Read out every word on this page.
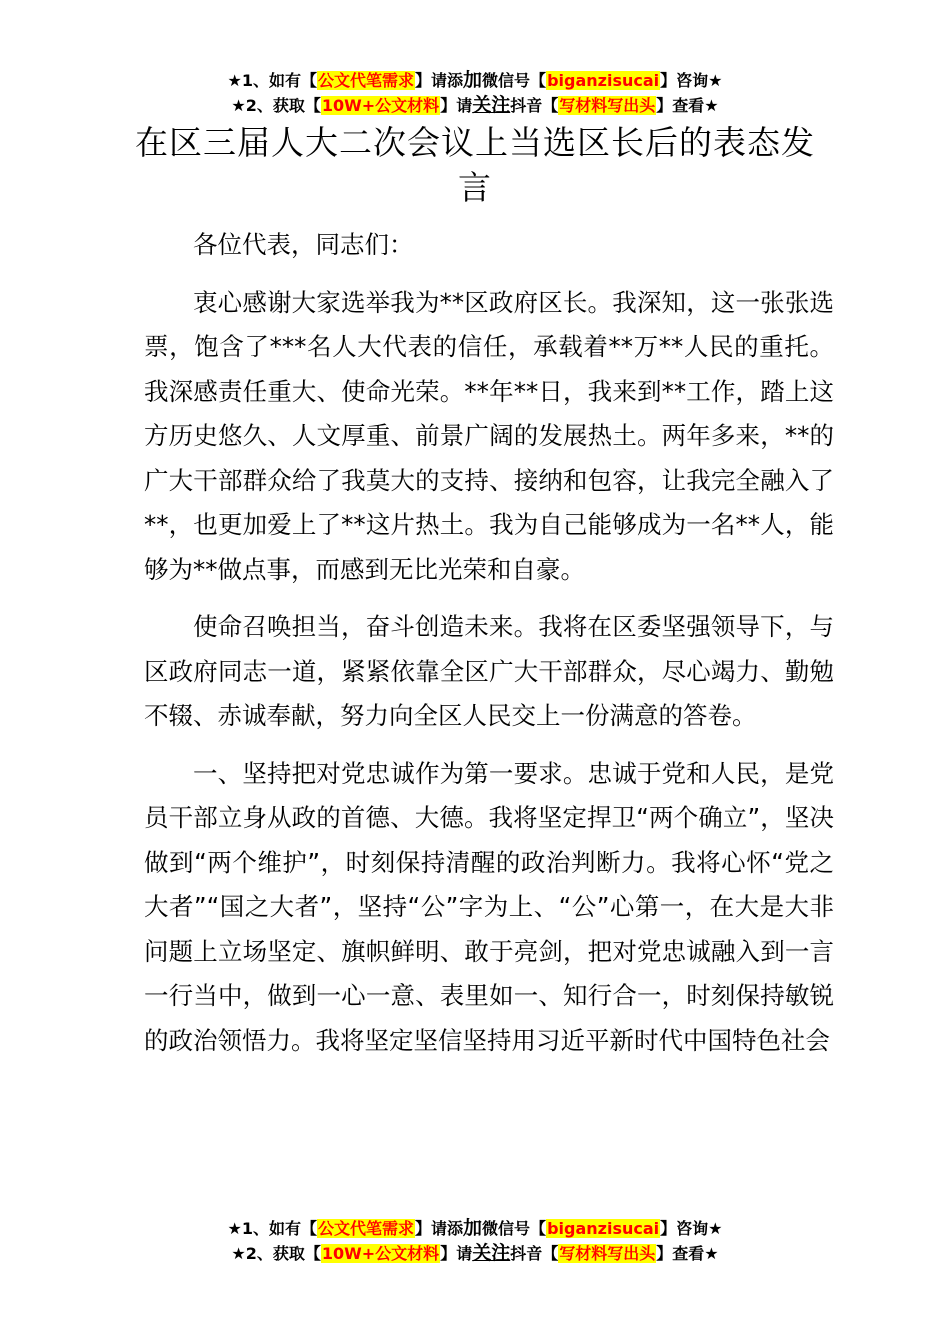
★1、如有【公文代笔需求】请添加微信号【biganzisucai】咨询★
★2、获取【10W+公文材料】请关注抖音【写材料写出头】查看★
在区三届人大二次会议上当选区长后的表态发言

各位代表，同志们：

衷心感谢大家选举我为**区政府区长。我深知，这一张张选票，饱含了***名人大代表的信任，承载着**万**人民的重托。我深感责任重大、使命光荣。**年**日，我来到**工作，踏上这方历史悠久、人文厚重、前景广阔的发展热土。两年多来，**的广大干部群众给了我莫大的支持、接纳和包容，让我完全融入了**，也更加爱上了**这片热土。我为自己能够成为一名**人，能够为**做点事，而感到无比光荣和自豪。

使命召唤担当，奋斗创造未来。我将在区委坚强领导下，与区政府同志一道，紧紧依靠全区广大干部群众，尽心竭力、勤勉不辍、赤诚奉献，努力向全区人民交上一份满意的答卷。

一、坚持把对党忠诚作为第一要求。忠诚于党和人民，是党员干部立身从政的首德、大德。我将坚定捍卫“两个确立”，坚决做到“两个维护”，时刻保持清醒的政治判断力。我将心怀“党之大者”“国之大者”，坚持“公”字为上、“公”心第一，在大是大非问题上立场坚定、旗帜鲜明、敢于亮剑，把对党忠诚融入到一言一行当中，做到一心一意、表里如一、知行合一，时刻保持敏锐的政治领悟力。我将坚定坚信坚持用习近平新时代中国特色社会

★1、如有【公文代笔需求】请添加微信号【biganzisucai】咨询★
★2、获取【10W+公文材料】请关注抖音【写材料写出头】查看★
